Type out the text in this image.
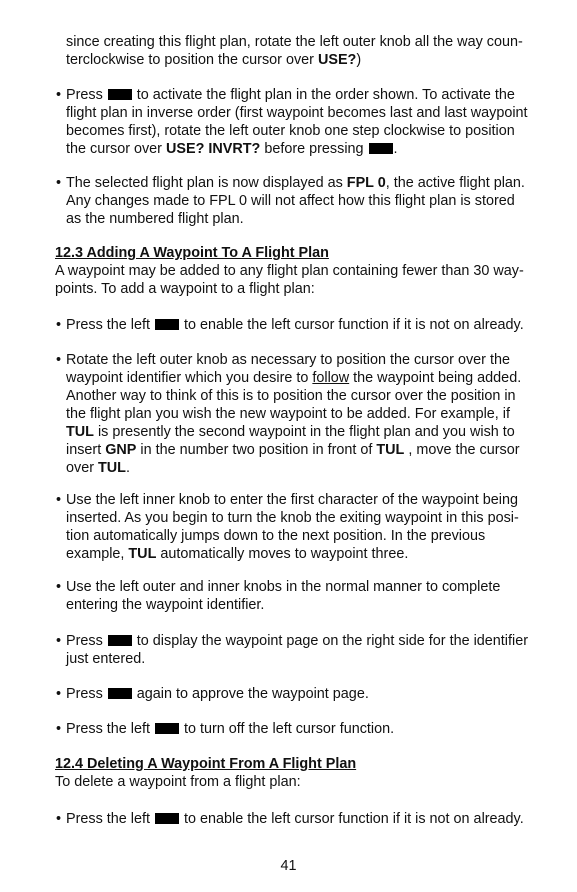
since creating this flight plan, rotate the left outer knob all the way coun-
terclockwise to position the cursor over USE?)
• Press  to activate the flight plan in the order shown. To activate the
flight plan in inverse order (first waypoint becomes last and last waypoint
becomes first), rotate the left outer knob one step clockwise to position
the cursor over USE? INVRT? before pressing .
• The selected flight plan is now displayed as FPL 0, the active flight plan.
Any changes made to FPL 0 will not affect how this flight plan is stored
as the numbered flight plan.
12.3 Adding A Waypoint To A Flight Plan
A waypoint may be added to any flight plan containing fewer than 30 way-
points. To add a waypoint to a flight plan:
• Press the left  to enable the left cursor function if it is not on already.
• Rotate the left outer knob as necessary to position the cursor over the
waypoint identifier which you desire to follow the waypoint being added.
Another way to think of this is to position the cursor over the position in
the flight plan you wish the new waypoint to be added. For example, if
TUL is presently the second waypoint in the flight plan and you wish to
insert GNP in the number two position in front of TUL , move the cursor
over TUL.
• Use the left inner knob to enter the first character of the waypoint being
inserted. As you begin to turn the knob the exiting waypoint in this posi-
tion automatically jumps down to the next position. In the previous
example, TUL automatically moves to waypoint three.
• Use the left outer and inner knobs in the normal manner to complete
entering the waypoint identifier.
• Press  to display the waypoint page on the right side for the identifier
just entered.
• Press  again to approve the waypoint page.
• Press the left  to turn off the left cursor function.
12.4 Deleting A Waypoint From A Flight Plan
To delete a waypoint from a flight plan:
• Press the left  to enable the left cursor function if it is not on already.
41
